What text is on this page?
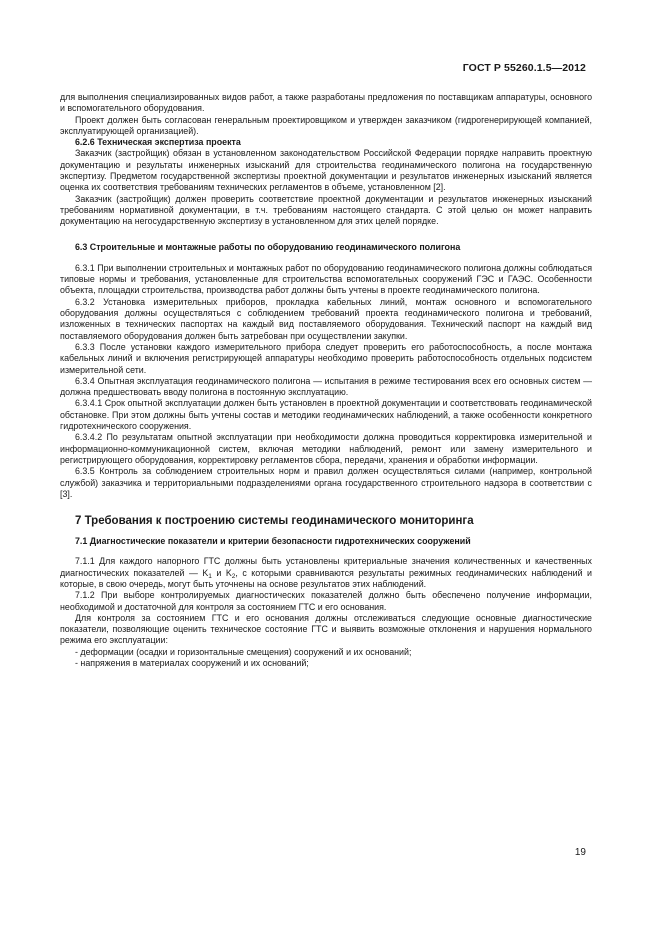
ГОСТ Р 55260.1.5—2012

для выполнения специализированных видов работ, а также разработаны предложения по поставщикам аппаратуры, основного и вспомогательного оборудования.

Проект должен быть согласован генеральным проектировщиком и утвержден заказчиком (гидрогенерирующей компанией, эксплуатирующей организацией).

6.2.6 Техническая экспертиза проекта

Заказчик (застройщик) обязан в установленном законодательством Российской Федерации порядке направить проектную документацию и результаты инженерных изысканий для строительства геодинамического полигона на государственную экспертизу. Предметом государственной экспертизы проектной документации и результатов инженерных изысканий является оценка их соответствия требованиям технических регламентов в объеме, установленном [2].

Заказчик (застройщик) должен проверить соответствие проектной документации и результатов инженерных изысканий требованиям нормативной документации, в т.ч. требованиям настоящего стандарта. С этой целью он может направить документацию на негосударственную экспертизу в установленном для этих целей порядке.

6.3 Строительные и монтажные работы по оборудованию геодинамического полигона

6.3.1 При выполнении строительных и монтажных работ по оборудованию геодинамического полигона должны соблюдаться типовые нормы и требования, установленные для строительства вспомогательных сооружений ГЭС и ГАЭС. Особенности объекта, площадки строительства, производства работ должны быть учтены в проекте геодинамического полигона.

6.3.2 Установка измерительных приборов, прокладка кабельных линий, монтаж основного и вспомогательного оборудования должны осуществляться с соблюдением требований проекта геодинамического полигона и требований, изложенных в технических паспортах на каждый вид поставляемого оборудования. Технический паспорт на каждый вид поставляемого оборудования должен быть затребован при осуществлении закупки.

6.3.3 После установки каждого измерительного прибора следует проверить его работоспособность, а после монтажа кабельных линий и включения регистрирующей аппаратуры необходимо проверить работоспособность отдельных подсистем измерительной сети.

6.3.4 Опытная эксплуатация геодинамического полигона — испытания в режиме тестирования всех его основных систем — должна предшествовать вводу полигона в постоянную эксплуатацию.

6.3.4.1 Срок опытной эксплуатации должен быть установлен в проектной документации и соответствовать геодинамической обстановке. При этом должны быть учтены состав и методики геодинамических наблюдений, а также особенности конкретного гидротехнического сооружения.

6.3.4.2 По результатам опытной эксплуатации при необходимости должна проводиться корректировка измерительной и информационно-коммуникационной систем, включая методики наблюдений, ремонт или замену измерительного и регистрирующего оборудования, корректировку регламентов сбора, передачи, хранения и обработки информации.

6.3.5 Контроль за соблюдением строительных норм и правил должен осуществляться силами (например, контрольной службой) заказчика и территориальными подразделениями органа государственного строительного надзора в соответствии с [3].

7 Требования к построению системы геодинамического мониторинга

7.1 Диагностические показатели и критерии безопасности гидротехнических сооружений

7.1.1 Для каждого напорного ГТС должны быть установлены критериальные значения количественных и качественных диагностических показателей — $K_1$ и $K_2$, с которыми сравниваются результаты режимных геодинамических наблюдений и которые, в свою очередь, могут быть уточнены на основе результатов этих наблюдений.

7.1.2 При выборе контролируемых диагностических показателей должно быть обеспечено получение информации, необходимой и достаточной для контроля за состоянием ГТС и его основания.

Для контроля за состоянием ГТС и его основания должны отслеживаться следующие основные диагностические показатели, позволяющие оценить техническое состояние ГТС и выявить возможные отклонения и нарушения нормального режима его эксплуатации:

- деформации (осадки и горизонтальные смещения) сооружений и их оснований;

- напряжения в материалах сооружений и их оснований;

19
